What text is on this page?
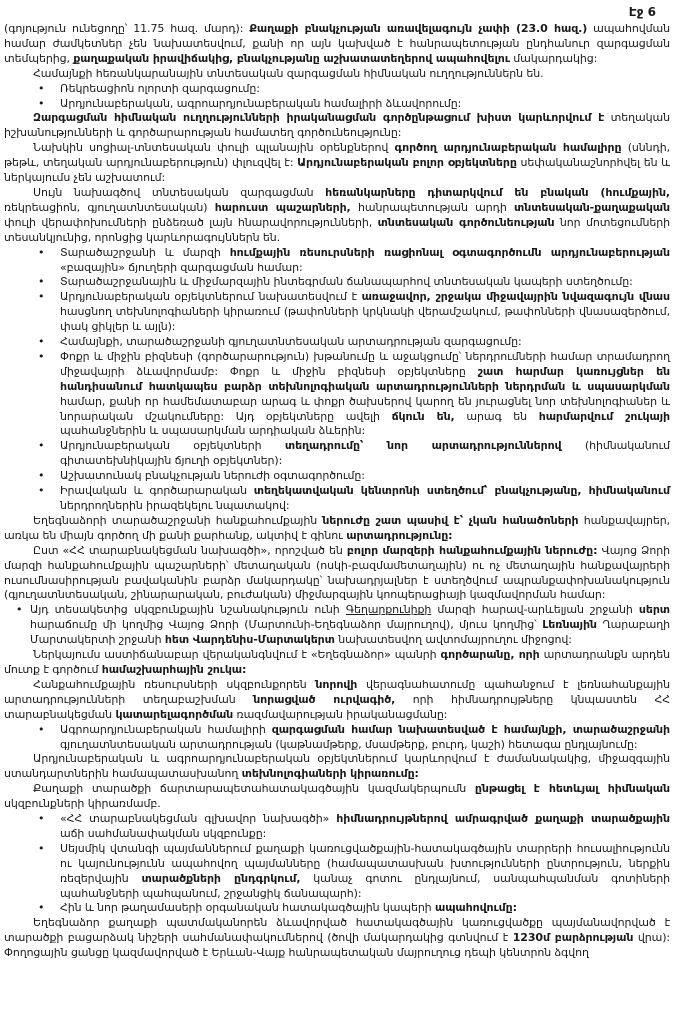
Էջ 6
(գոյություն ունեցողը՝ 11.75 հազ. մարդ): Քաղաքի բնակչության առավելագույն չափի (23.0 հազ.) ապահովման համար ժամկետներ չեն նախատեսվում, քանի որ այն կախված է հանրապետության ընդհանուր զարգացման տեմպերից, քաղաքական իրավիճակից, բնակչությանը աշխատատեղերով ապահովելու մակարդակից:
Համայնքի հեռանկարանային տնտեսական զարգացման հիմնական ուղղություններն են.
• Ռեկրեացիոն ոլորտի զարգացումը:
• Արդյունաբերական, ագրոարդյունաբերական համալիրի ձևավորումը:
Զարգացման հիմնական ուղղությունների իրականացման գործընթացում խիստ կարևորվում է տեղական իշխանությունների և գործարարության համատեղ գործունեությունը:
Նախկին սոցիալ-տնտեսական փուլի պլանային օրենքներով գործող արդյունաբերական համալիրը (սննդի, թեթև, տեղական արդյունաբերություն) փլուզվել է: Արդյունաբերական բոլոր օբյեկտները սեփականաշնորհվել են և ներկայումս չեն աշխատում:
Սույն նախագծով տնտեսական զարգացման հեռանկարները դիտարկվում են բնական (հումքային, ռեկրեացիոն, գյուղատնտեսական) հարուստ պաշարների, հանրապետության արդի տնտեսական-քաղաքական փուլի վերափոխումների ընձեռած լայն հնարավորությունների, տնտեսական գործունեության նոր մոտեցումների տեսանկյունից, որոնցից կարևորագույններն են.
• Տարածաշրջանի և մարզի հումքային ռեսուրսների ռացիոնալ օգտագործումն արդյունաբերության «բազային» ճյուղերի զարգացման համար:
• Տարածաշրջանային և միջմարզային ինտեգրման ճանապարհով տնտեսական կապերի ստեղծումը:
• Արդյունաբերական օբյեկտներում նախատեսվում է առաջավոր, շրջակա միջավայրին նվազագույն վնաս հասցնող տեխնոլոգիաների կիրառում (թափոնների կրկնակի վերամշակում, թափոնների վնասազերծում, փակ ցիկլեր և այլն):
• Համայնքի, տարածաշրջանի գյուղատնտեսական արտադրության զարգացումը:
• Փոքր և միջին բիզնեսի (գործարարություն) խթանումը և աջակցումը՝ ներդրումների համար տրամադրող միջավայրի ձևավորմամբ: Փոքր և միջին բիզնեսի օբյեկտները շատ հարմար կառույցներ են հանդիսանում հատկապես բարձր տեխնոլոգիական արտադրությունների ներդրման և սպասարկման համար, քանի որ համեմատաբար արագ և փոքր ծախսերով կարող են յուրացնել նոր տեխնոլոգիաներ և նորարական մշակումները: Այդ օբյեկտները ավելի ճկուն են, արագ են հարմարվում շուկայի պահանջներին և սպասարկման արդիական ձևերին:
• Արդյունաբերական օբյեկտների տեղադրումը՝ նոր արտադրություններով (հիմնականում գիտատեխնիկային ճյուղի օբյեկտներ):
• Աշխատունակ բնակչության ներուժի օգտագործումը:
• Իրավական և գործարարական տեղեկատվական կենտրոնի ստեղծում՝ բնակչությանը, հիմնականում ներդրողներին իրազեկելու նպատակով:
Եղեգնաձորի տարածաշրջանի հանքահումքային ներուժը շատ պասիվ է՝ չկան հանածոների հանքավայրեր, առկա են միայն գործող մի քանի քարհանք, ակտիվ է գինու արտադրությունը:
Ըստ «ՀՀ տարաբնակեցման նախագծի», որոշված են բոլոր մարզերի հանքահումքային ներուժը: Վայոց Ձորի մարզի հանքահումքային պաշարների՝ մետաղական (ոսկի-բազմամետաղային) ու ոչ մետաղային հանքավայրերի ուսումնասիրության բավականին բարձր մակարդակը՝ նախադրյալներ է ստեղծվում ապրանքափոխանակություն (գյուղատնտեսական, շինարարական, բուժական) միջմարզային կոոպերացիայի կազմավորման համար:
• Այդ տեսակետից սկզբունքային նշանակություն ունի Գեղարքունիքի մարզի հարավ-արևելյան շրջանի սերտ հարաճումը մի կողմից Վայոց Ձորի (Մարտունի-Եղեգնաձոր մայրուղով), մյուս կողմից՝ Լեռնային Ղարաբաղի Մարտակերտի շրջանի հետ Վարդենիս-Մարտակերտ նախատեսվող ավտոմայրուղու միջոցով:
Ներկայումս աստիճանաբար վերականգնվում է «Եղեգնաձոր» պանրի գործարանը, որի արտադրանքն արդեն մուտք է գործում համաշխարհային շուկա:
Հանքահումքային ռեսուրսների սկզբունքորեն նորովի վերագնահատումը պահանջում է լեռնահանքային արտադրությունների տեղաբաշխման նորացված ուրվագիծ, որի հիմնադրույթները կնպաստեն ՀՀ տարաբնակեցման կատարելագործման ռազմավարության իրականացմանը:
• Ագրոարդյունաբերական համալիրի զարգացման համար նախատեսված է համայնքի, տարածաշրջանի գյուղատնտեսական արտադրության (կաթնամթերք, մսամթերք, բուրդ, կաշի) հետագա ընդլայնումը:
Արդյունաբերական և ագրոարդյունաբերական օբյեկտներում կարևորվում է ժամանակակից, միջազգային ստանդարտներին համապատասխանող տեխնոլոգիաների կիրառումը:
Քաղաքի տարածքի ճարտարապետահատակագծային կազմակերպումն ընթացել է հետևյալ հիմնական սկզբունքների կիրառմամբ.
• «ՀՀ տարաբնակեցման գլխավոր նախագծի» հիմնադրույթներով ամրագրված քաղաքի տարածքային աճի սահմանափակման սկզբունքը:
• Սեյսմիկ վտանգի պայմաններում քաղաքի կառուցվածքային-հատակագծային տարրերի հուսալիությունն ու կայունությունն ապահովող պայմանները (համապատասխան խտությունների ընտրություն, ներքին ռեզերվային տարածքների ընդգրկում, կանաչ գոտու ընդլայնում, սանպահպանման գոտիների պահանջների պահպանում, շրջանցիկ ճանապարհ):
• Հին և նոր թաղամասերի օրգանական հատակագծային կապերի ապահովումը:
Եղեգնաձոր քաղաքի պատմականորեն ձևավորված հատակագծային կառուցվածքը պայմանավորված է տարածքի բացարձակ նիշերի սահմանափակումներով (ծովի մակարդակից գտնվում է 1230մ բարձրության վրա): Փողոցային ցանցը կազմավորված է Երևան-Վայք հանրապետական մայրուղուց դեպի կենտրոն ձգվող
